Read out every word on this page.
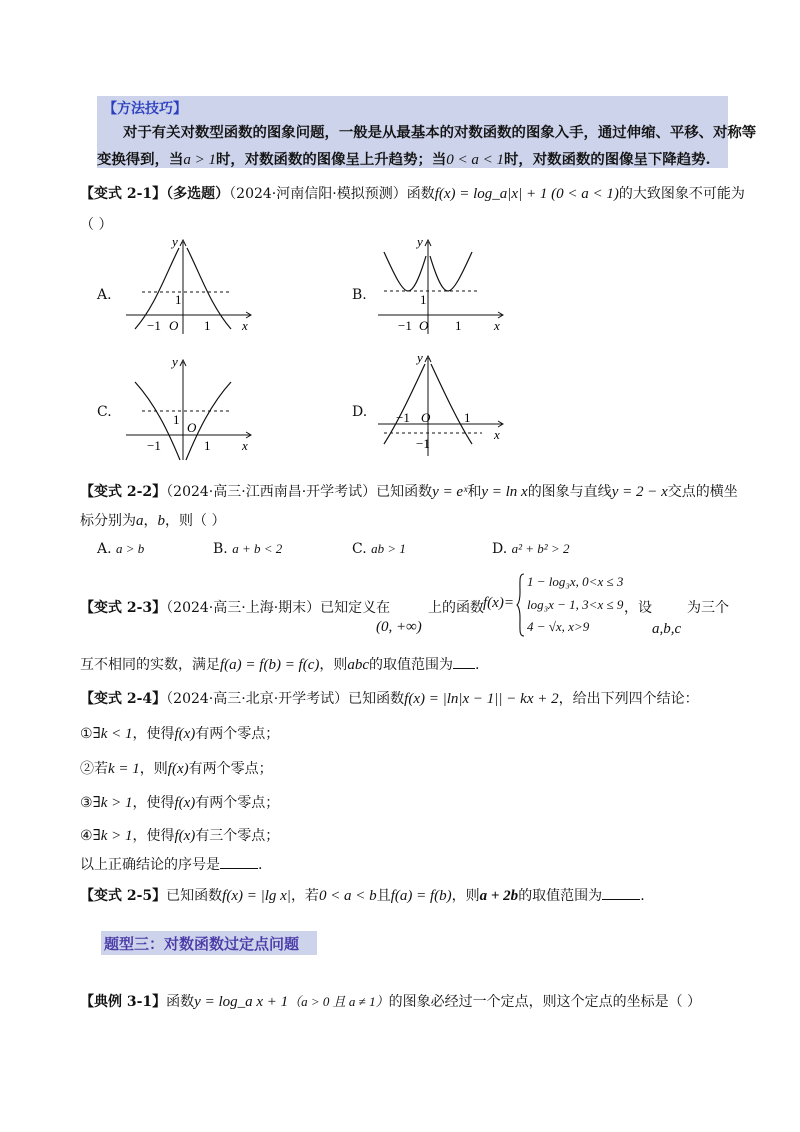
【方法技巧】
对于有关对数型函数的图象问题，一般是从最基本的对数函数的图象入手，通过伸缩、平移、对称等
变换得到，当a > 1时，对数函数的图像呈上升趋势；当0 < a < 1时，对数函数的图像呈下降趋势.
【变式 2-1】（多选题）（2024·河南信阳·模拟预测）函数f(x) = log_a|x| + 1 (0 < a < 1)的大致图象不可能为
（ ）
A.
y
x
O
−1	1
1	B.
y
x
O
−1	1
1
C.
y
x
O
−1	1
1	D.
y
x
O
−1	1
−1
【变式 2-2】（2024·高三·江西南昌·开学考试）已知函数y = eˣ和y = ln x的图象与直线y = 2 − x交点的横坐
标分别为a，b，则（ ）
A. a > b	B. a + b < 2	C. ab > 1	D. a² + b² > 2
【变式 2-3】（2024·高三·上海·期末）已知定义在
(0, +∞)
上的函数 f(x)=
1 − log₃x, 0<x ≤ 3
log₃x − 1, 3<x ≤ 9
4 − √x, x>9
，设
a,b,c
为三个
互不相同的实数，满足f(a) = f(b) = f(c)，则abc的取值范围为 .
【变式 2-4】（2024·高三·北京·开学考试）已知函数f(x) = |ln|x − 1|| − kx + 2，给出下列四个结论：
①∃k < 1，使得f(x)有两个零点；
②若k = 1，则f(x)有两个零点；
③∃k > 1，使得f(x)有两个零点；
④∃k > 1，使得f(x)有三个零点；
以上正确结论的序号是	.
【变式 2-5】已知函数f(x) = |lg x|，若0 < a < b且f(a) = f(b)，则a + 2b的取值范围为	.
题型三：对数函数过定点问题
【典例 3-1】函数y = log_a x + 1（a > 0 且 a ≠ 1）的图象必经过一个定点，则这个定点的坐标是（ ）
